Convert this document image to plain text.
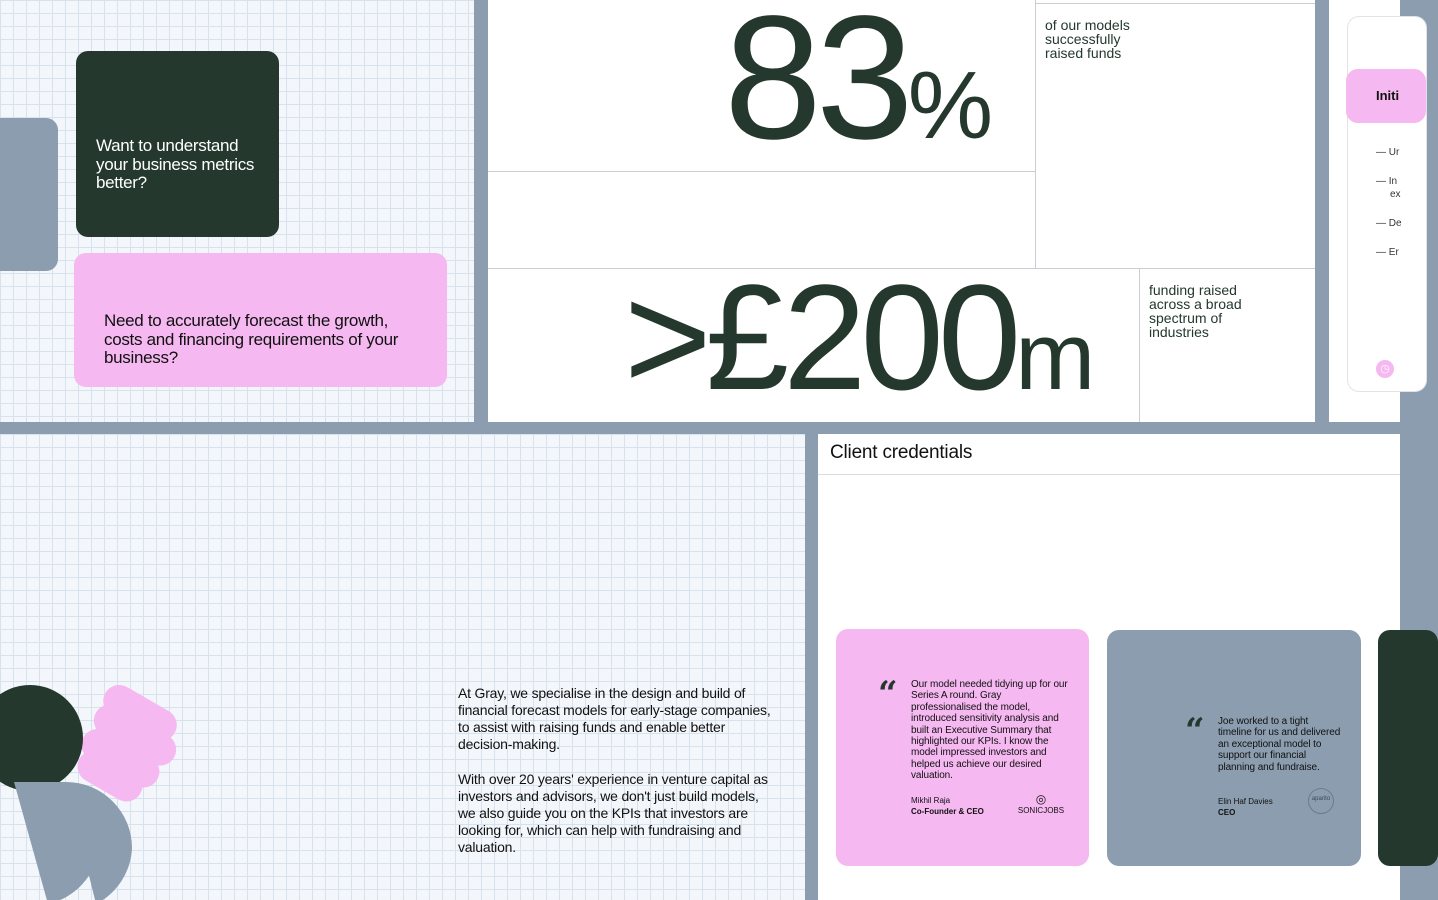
Want to understand your business metrics better?
Need to accurately forecast the growth, costs and financing requirements of your business?
83%
of our models successfully raised funds
>£200m
funding raised across a broad spectrum of industries
Initi
— Ur
— In
ex
— De
— Er
◷

At Gray, we specialise in the design and build of financial forecast models for early-stage companies, to assist with raising funds and enable better decision-making.

With over 20 years' experience in venture capital as investors and advisors, we don't just build models, we also guide you on the KPIs that investors are looking for, which can help with fundraising and valuation.

Client credentials
“ Our model needed tidying up for our Series A round. Gray professionalised the model, introduced sensitivity analysis and built an Executive Summary that highlighted our KPIs. I know the model impressed investors and helped us achieve our desired valuation.
Mikhil Raja
Co-Founder & CEO
◎
SONICJOBS
“ Joe worked to a tight timeline for us and delivered an exceptional model to support our financial planning and fundraise.
Elin Haf Davies
CEO
aparito
